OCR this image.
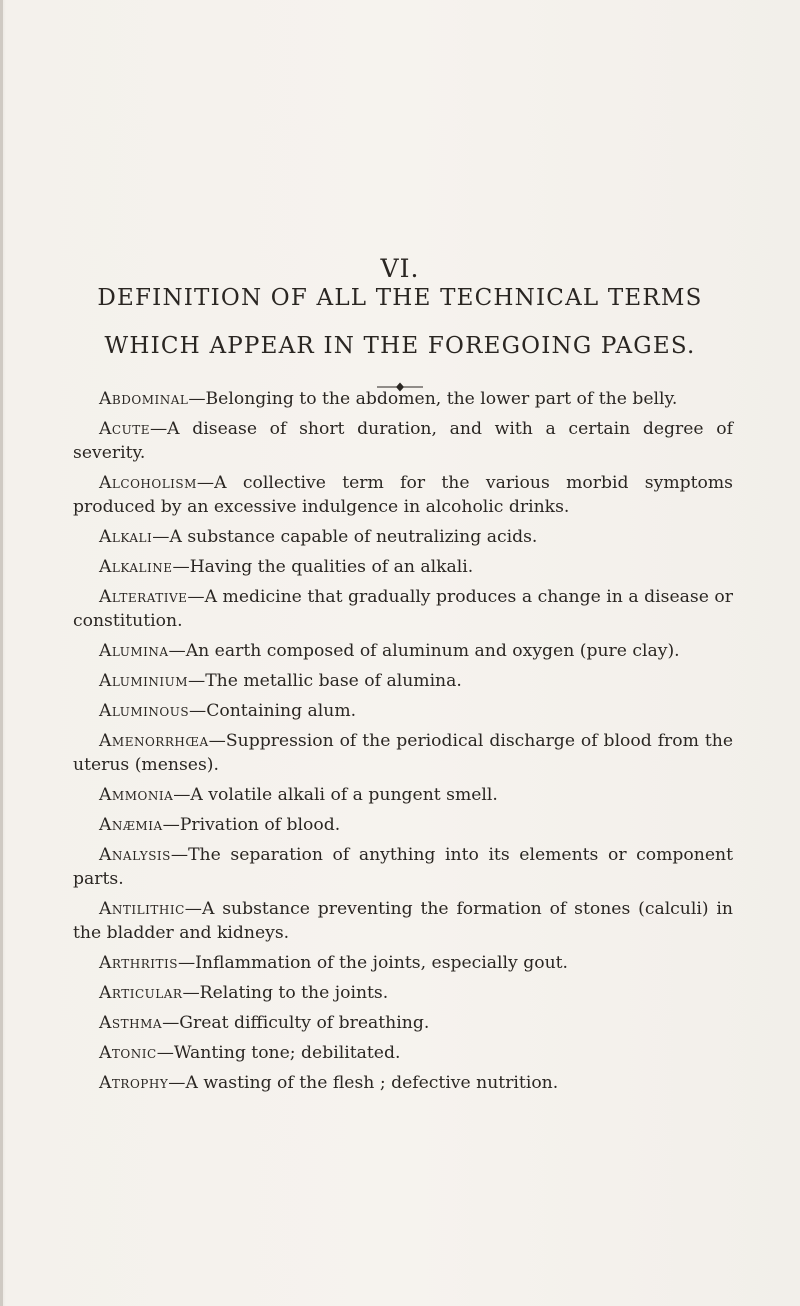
VI.
DEFINITION OF ALL THE TECHNICAL TERMS
WHICH APPEAR IN THE FOREGOING PAGES.

Abdominal—Belonging to the abdomen, the lower part of the belly.

Acute—A disease of short duration, and with a certain degree of severity.

Alcoholism—A collective term for the various morbid symptoms produced by an excessive indulgence in alcoholic drinks.

Alkali—A substance capable of neutralizing acids.

Alkaline—Having the qualities of an alkali.

Alterative—A medicine that gradually produces a change in a disease or constitution.

Alumina—An earth composed of aluminum and oxygen (pure clay).

Aluminium—The metallic base of alumina.

Aluminous—Containing alum.

Amenorrhœa—Suppression of the periodical discharge of blood from the uterus (menses).

Ammonia—A volatile alkali of a pungent smell.

Anæmia—Privation of blood.

Analysis—The separation of anything into its elements or component parts.

Antilithic—A substance preventing the formation of stones (calculi) in the bladder and kidneys.

Arthritis—Inflammation of the joints, especially gout.

Articular—Relating to the joints.

Asthma—Great difficulty of breathing.

Atonic—Wanting tone; debilitated.

Atrophy—A wasting of the flesh ; defective nutrition.
